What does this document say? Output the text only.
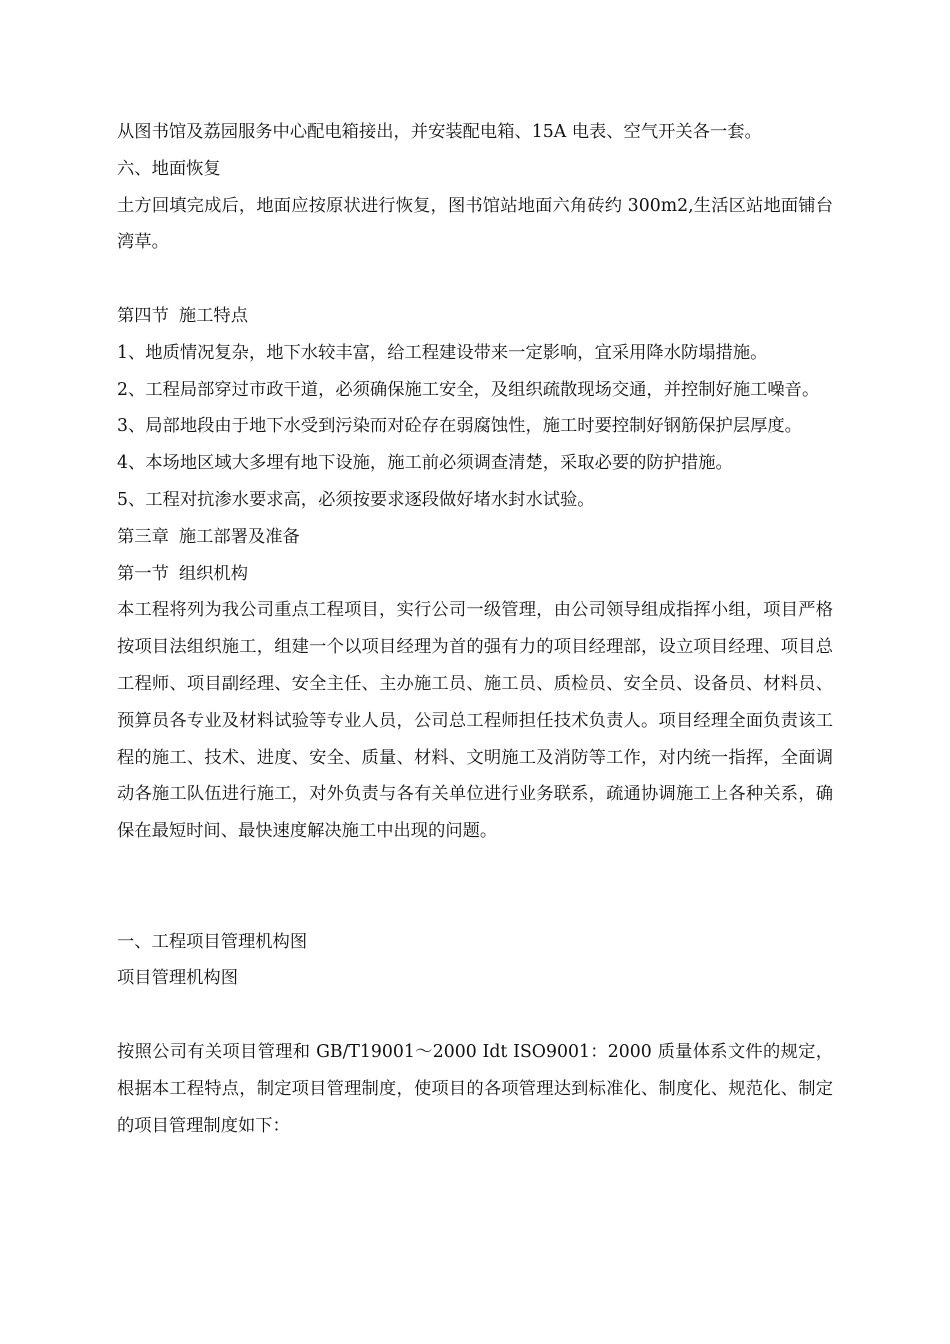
从图书馆及荔园服务中心配电箱接出，并安装配电箱、15A 电表、空气开关各一套。

六、地面恢复

土方回填完成后，地面应按原状进行恢复，图书馆站地面六角砖约 300m2,生活区站地面铺台湾草。

第四节 施工特点

1、地质情况复杂，地下水较丰富，给工程建设带来一定影响，宜采用降水防塌措施。

2、工程局部穿过市政干道，必须确保施工安全，及组织疏散现场交通，并控制好施工噪音。

3、局部地段由于地下水受到污染而对砼存在弱腐蚀性，施工时要控制好钢筋保护层厚度。

4、本场地区域大多埋有地下设施，施工前必须调查清楚，采取必要的防护措施。

5、工程对抗渗水要求高，必须按要求逐段做好堵水封水试验。

第三章 施工部署及准备

第一节 组织机构

本工程将列为我公司重点工程项目，实行公司一级管理，由公司领导组成指挥小组，项目严格按项目法组织施工，组建一个以项目经理为首的强有力的项目经理部，设立项目经理、项目总工程师、项目副经理、安全主任、主办施工员、施工员、质检员、安全员、设备员、材料员、预算员各专业及材料试验等专业人员，公司总工程师担任技术负责人。项目经理全面负责该工程的施工、技术、进度、安全、质量、材料、文明施工及消防等工作，对内统一指挥，全面调动各施工队伍进行施工，对外负责与各有关单位进行业务联系，疏通协调施工上各种关系，确保在最短时间、最快速度解决施工中出现的问题。

一、工程项目管理机构图

项目管理机构图

按照公司有关项目管理和 GB/T19001～2000 Idt ISO9001：2000 质量体系文件的规定，根据本工程特点，制定项目管理制度，使项目的各项管理达到标准化、制度化、规范化、制定的项目管理制度如下：
